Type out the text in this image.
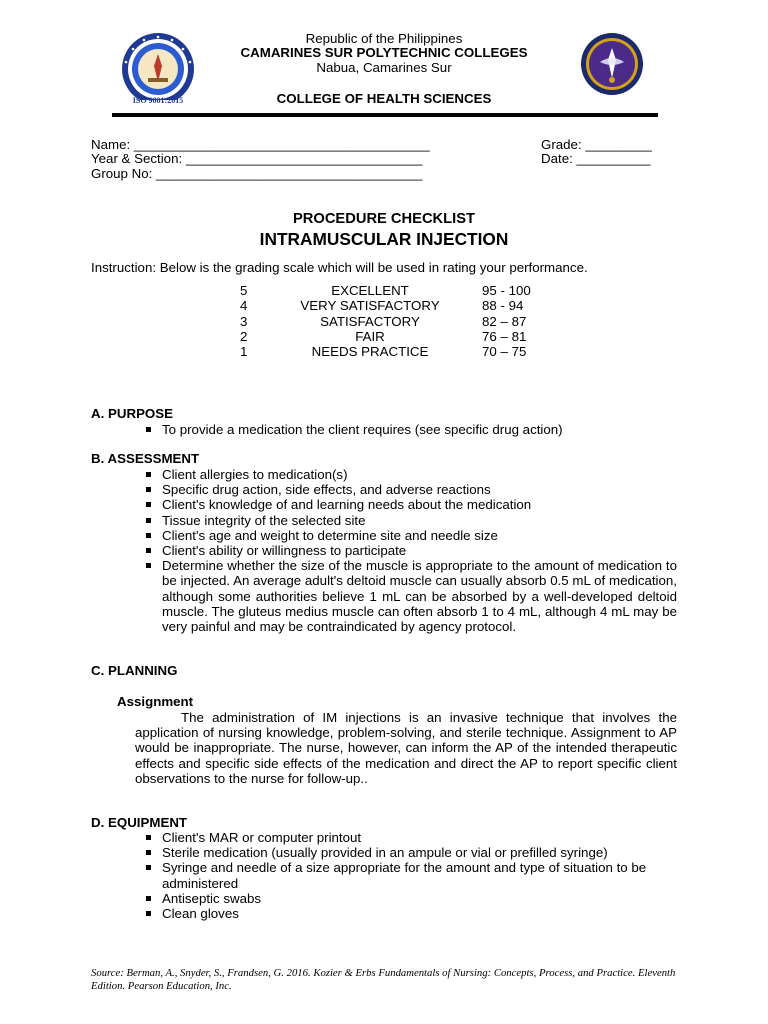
ISO 9001:2015
Republic of the Philippines
CAMARINES SUR POLYTECHNIC COLLEGES
Nabua, Camarines Sur
COLLEGE OF HEALTH SCIENCES
Name: ________________________________________
Year & Section: ________________________________
Group No: ____________________________________
Grade: _________
Date: __________
PROCEDURE CHECKLIST
INTRAMUSCULAR INJECTION
Instruction: Below is the grading scale which will be used in rating your performance.
5	EXCELLENT	95 - 100
4	VERY SATISFACTORY	88 - 94
3	SATISFACTORY	82 – 87
2	FAIR	76 – 81
1	NEEDS PRACTICE	70 – 75
A. PURPOSE
To provide a medication the client requires (see specific drug action)
B. ASSESSMENT
Client allergies to medication(s)
Specific drug action, side effects, and adverse reactions
Client's knowledge of and learning needs about the medication
Tissue integrity of the selected site
Client's age and weight to determine site and needle size
Client's ability or willingness to participate
Determine whether the size of the muscle is appropriate to the amount of medication to be injected. An average adult's deltoid muscle can usually absorb 0.5 mL of medication, although some authorities believe 1 mL can be absorbed by a well-developed deltoid muscle. The gluteus medius muscle can often absorb 1 to 4 mL, although 4 mL may be very painful and may be contraindicated by agency protocol.
C. PLANNING
Assignment
The administration of IM injections is an invasive technique that involves the application of nursing knowledge, problem-solving, and sterile technique. Assignment to AP would be inappropriate. The nurse, however, can inform the AP of the intended therapeutic effects and specific side effects of the medication and direct the AP to report specific client observations to the nurse for follow-up..
D. EQUIPMENT
Client's MAR or computer printout
Sterile medication (usually provided in an ampule or vial or prefilled syringe)
Syringe and needle of a size appropriate for the amount and type of situation to be administered
Antiseptic swabs
Clean gloves
Source: Berman, A., Snyder, S., Frandsen, G. 2016. Kozier & Erbs Fundamentals of Nursing: Concepts, Process, and Practice. Eleventh Edition. Pearson Education, Inc.
